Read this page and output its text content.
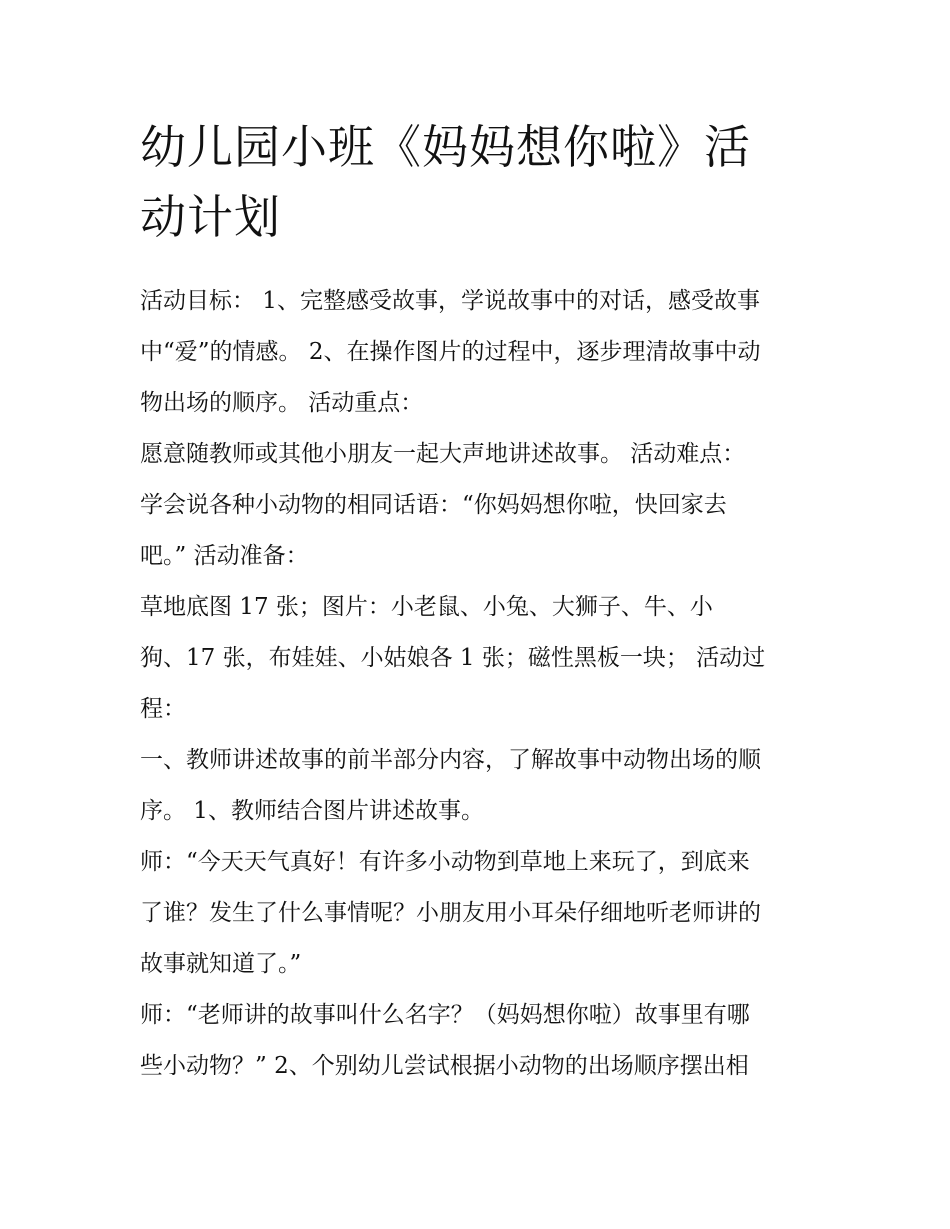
幼儿园小班《妈妈想你啦》活
动计划
活动目标： 1、完整感受故事，学说故事中的对话，感受故事
中“爱”的情感。 2、在操作图片的过程中，逐步理清故事中动
物出场的顺序。 活动重点：
愿意随教师或其他小朋友一起大声地讲述故事。 活动难点：
学会说各种小动物的相同话语：“你妈妈想你啦，快回家去
吧。” 活动准备：
草地底图 17 张；图片：小老鼠、小兔、大狮子、牛、小
狗、17 张，布娃娃、小姑娘各 1 张；磁性黑板一块； 活动过
程：
一、教师讲述故事的前半部分内容，了解故事中动物出场的顺
序。 1、教师结合图片讲述故事。
师：“今天天气真好！有许多小动物到草地上来玩了，到底来
了谁？发生了什么事情呢？小朋友用小耳朵仔细地听老师讲的
故事就知道了。”
师：“老师讲的故事叫什么名字？（妈妈想你啦）故事里有哪
些小动物？” 2、个别幼儿尝试根据小动物的出场顺序摆出相
